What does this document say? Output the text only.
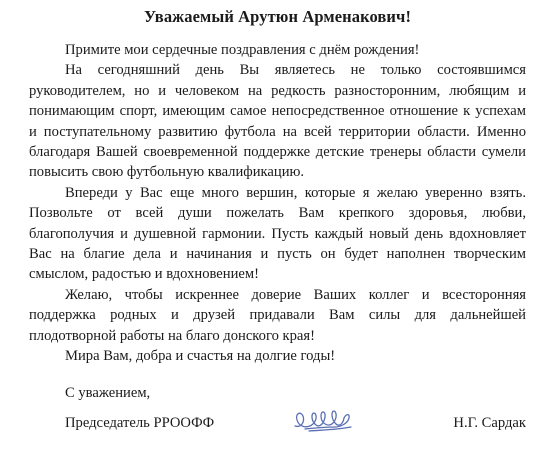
Уважаемый Арутюн Арменакович!

Примите мои сердечные поздравления с днём рождения!

На сегодняшний день Вы являетесь не только состоявшимся руководителем, но и человеком на редкость разносторонним, любящим и понимающим спорт, имеющим самое непосредственное отношение к успехам и поступательному развитию футбола на всей территории области. Именно благодаря Вашей своевременной поддержке детские тренеры области сумели повысить свою футбольную квалификацию.

Впереди у Вас еще много вершин, которые я желаю уверенно взять. Позвольте от всей души пожелать Вам крепкого здоровья, любви, благополучия и душевной гармонии. Пусть каждый новый день вдохновляет Вас на благие дела и начинания и пусть он будет наполнен творческим смыслом, радостью и вдохновением!

Желаю, чтобы искреннее доверие Ваших коллег и всесторонняя поддержка родных и друзей придавали Вам силы для дальнейшей плодотворной работы на благо донского края!

Мира Вам, добра и счастья на долгие годы!

С уважением,
Председатель РРООФФ	Н.Г. Сардак
